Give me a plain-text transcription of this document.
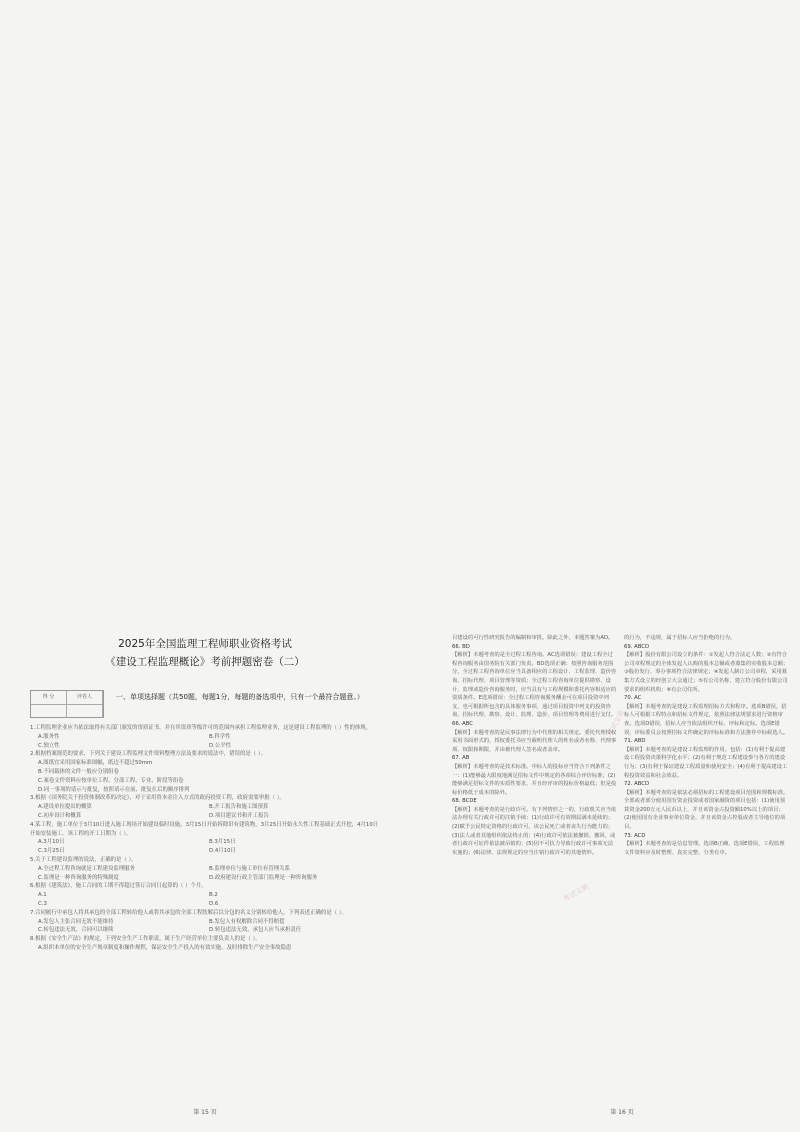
2025年全国监理工程师职业资格考试
《建设工程监理概论》考前押题密卷（二）
得 分	评卷人	一、单项选择题（共50题，每题1分，每题的备选项中，只有一个最符合题意。）

1.工程监理企业应当依法取得有关部门颁发的资质证书，并在其资质等级许可的范围内承担工程监理业务，这是建设工程监理的（ ）性的体现。

A.服务性	B.科学性
C.独立性	D.公平性

2.根据档案规范的要求，下列关于建设工程监理文件资料整理方法及要求的说法中，错误的是（ ）。

A.图纸宜采用国家标准图幅，纸边不超过50mm
B.不同载体的文件一般应分别组卷
C.案卷文件资料应按单位工程、分部工程、专业、阶段等组卷
D.同一事项的请示与批复，按照请示在前、批复在后的顺序排列

3.根据《国务院关于投资体制改革的决定》，对于采用资本金注入方式的政府投资工程，政府需要审批（ ）。

A.建设单位提出的概算	B.开工报告和施工图预算
C.初步设计和概算	D.项目建议书和开工报告

4.某工程，施工单位于3月10日进入施工现场开始建设临时设施，3月15日开始拆除旧有建筑物，3月25日开始永久性工程基础正式开挖，4月10日开始安装施工。该工程的开工日期为（ ）。

A.3月10日	B.3月15日
C.3月25日	D.4月10日

5.关于工程建设监理的说法，正确的是（ ）。

A.全过程工程咨询就是工程建设监理服务	B.监理单位与施工单位有管理关系
C.监理是一种咨询服务的特殊制度	D.政府建设行政主管部门监理是一种咨询服务

6.根据《建筑法》，施工合同的工期不得超过签订合同日起算的（ ）个月。

A.1	B.2
C.3	D.6

7.合同履行中承包人将其承包的全部工程转给他人或将其承包的全部工程肢解后以分包的名义分别转给他人，下列表述正确的是（ ）。

A.发包人主张合同无效不能维持	B.发包人有权解除合同不得赔偿
C.转包违法无效，合同可以继续	D.转包违法无效，承包人应当承担责任

8.根据《安全生产法》的规定，下列安全生产工作职责，属于生产经营单位主要负责人的是（ ）。

A.组织本单位的安全生产规章制度和操作规程，保证安全生产投入的有效实施，及时排除生产安全事故隐患
第 15 页

目建设的可行性研究报告的编制和审批。除此之外，本题答案为AD。

66. BD

【解析】本题考查的是全过程工程咨询。AC选项错误：建设工程全过程咨询服务由国务院有关部门负责。BD选项正确：按照咨询服务范围分，全过程工程咨询单位应当具备相应的工程设计、工程监理、造价咨询、招标代理、项目管理等资质；全过程工程咨询单位提供勘察、设计、监理或造价咨询服务时，应当具有与工程规模和委托内容相适应的资质条件。E选项错误：全过程工程咨询服务酬金可在项目投资中列支，也可根据所包含的具体服务事项，通过项目投资中列支的投资咨询、招标代理、勘察、设计、监理、造价、项目管理等费用进行支付。

66. ABC

【解析】本题考查的是民事法律行为中代理的相关规定。委托代理授权采用书面形式的，授权委托书应当载明代理人的姓名或者名称、代理事项、权限和期限，并由被代理人签名或者盖章。

67. AB

【解析】本题考查的是技术标准。中标人的投标应当符合下列条件之一：(1)能够最大限度地满足招标文件中规定的各项综合评价标准；(2)能够满足招标文件的实质性要求，并且经评审的投标价格最低；但是投标价格低于成本的除外。

68. BCDE

【解析】本题考查的是行政许可。有下列情形之一的，行政机关应当依法办理有关行政许可的注销手续：(1)行政许可有效期届满未延续的；(2)赋予公民特定资格的行政许可，该公民死亡或者丧失行为能力的；(3)法人或者其他组织依法终止的；(4)行政许可依法被撤销、撤回，或者行政许可证件依法被吊销的；(5)因不可抗力导致行政许可事项无法实施的；(6)法律、法规规定的应当注销行政许可的其他情形。

的行为，不违规，属于招标人应当拒绝的行为。

69. ABCD

【解析】股份有限公司设立的条件：①发起人符合法定人数；②有符合公司章程规定的全体发起人认购的股本总额或者募集的实收股本总额；③股份发行、筹办事项符合法律规定；④发起人制订公司章程，采用募集方式设立的经创立大会通过；⑤有公司名称，建立符合股份有限公司要求的组织机构；⑥有公司住所。

70. AC

【解析】本题考查的是建设工程监理招标方式和程序。选项B错误，招标人可根据工程特点和招标文件规定，依照法律法规要求进行资格审查。选项D错误，招标人应当依法组织开标、评标和定标。选项E错误，评标委员会按照招标文件确定的评标标准和方法推荐中标候选人。

71. ABD

【解析】本题考查的是建设工程监理的作用。包括：(1)有利于提高建设工程投资决策科学化水平；(2)有利于规范工程建设参与各方的建设行为；(3)有利于保证建设工程质量和使用安全；(4)有利于提高建设工程投资效益和社会效益。

72. ABCD

【解析】本题考查的是依法必须招标的工程建设项目范围和规模标准。全部或者部分使用国有资金投资或者国家融资的项目包括：(1)使用预算资金200万元人民币以上，并且该资金占投资额10%以上的项目；(2)使用国有企业事业单位资金，并且该资金占控股或者主导地位的项目。

73. ACD

【解析】本题考查的是信息管理。选项B正确，选项E错误，工程监理文件资料应及时整理、真实完整、分类有序。

考试宝典
考试宝典
第 16 页
